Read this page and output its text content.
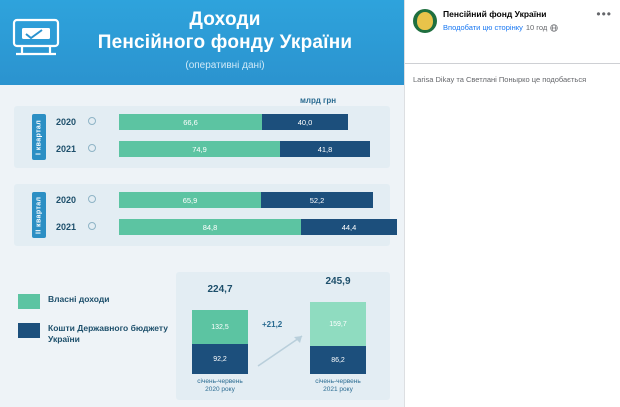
Доходи
Пенсійного фонду України
(оперативні дані)
млрд грн
I квартал	2020	66,6	40,0
2021	74,9	41,8
II квартал	2020	65,9	52,2
2021	84,8	44,4
Власні доходи
Кошти Державного бюджету України
+21,2
224,7
132,5
92,2
січень-червень
2020 року
245,9
159,7
86,2
січень-червень
2021 року
Пенсійний фонд України
Вподобати цю сторінку 10 год
•••
Larisa Dikay та Светлані Понырко це подобається
